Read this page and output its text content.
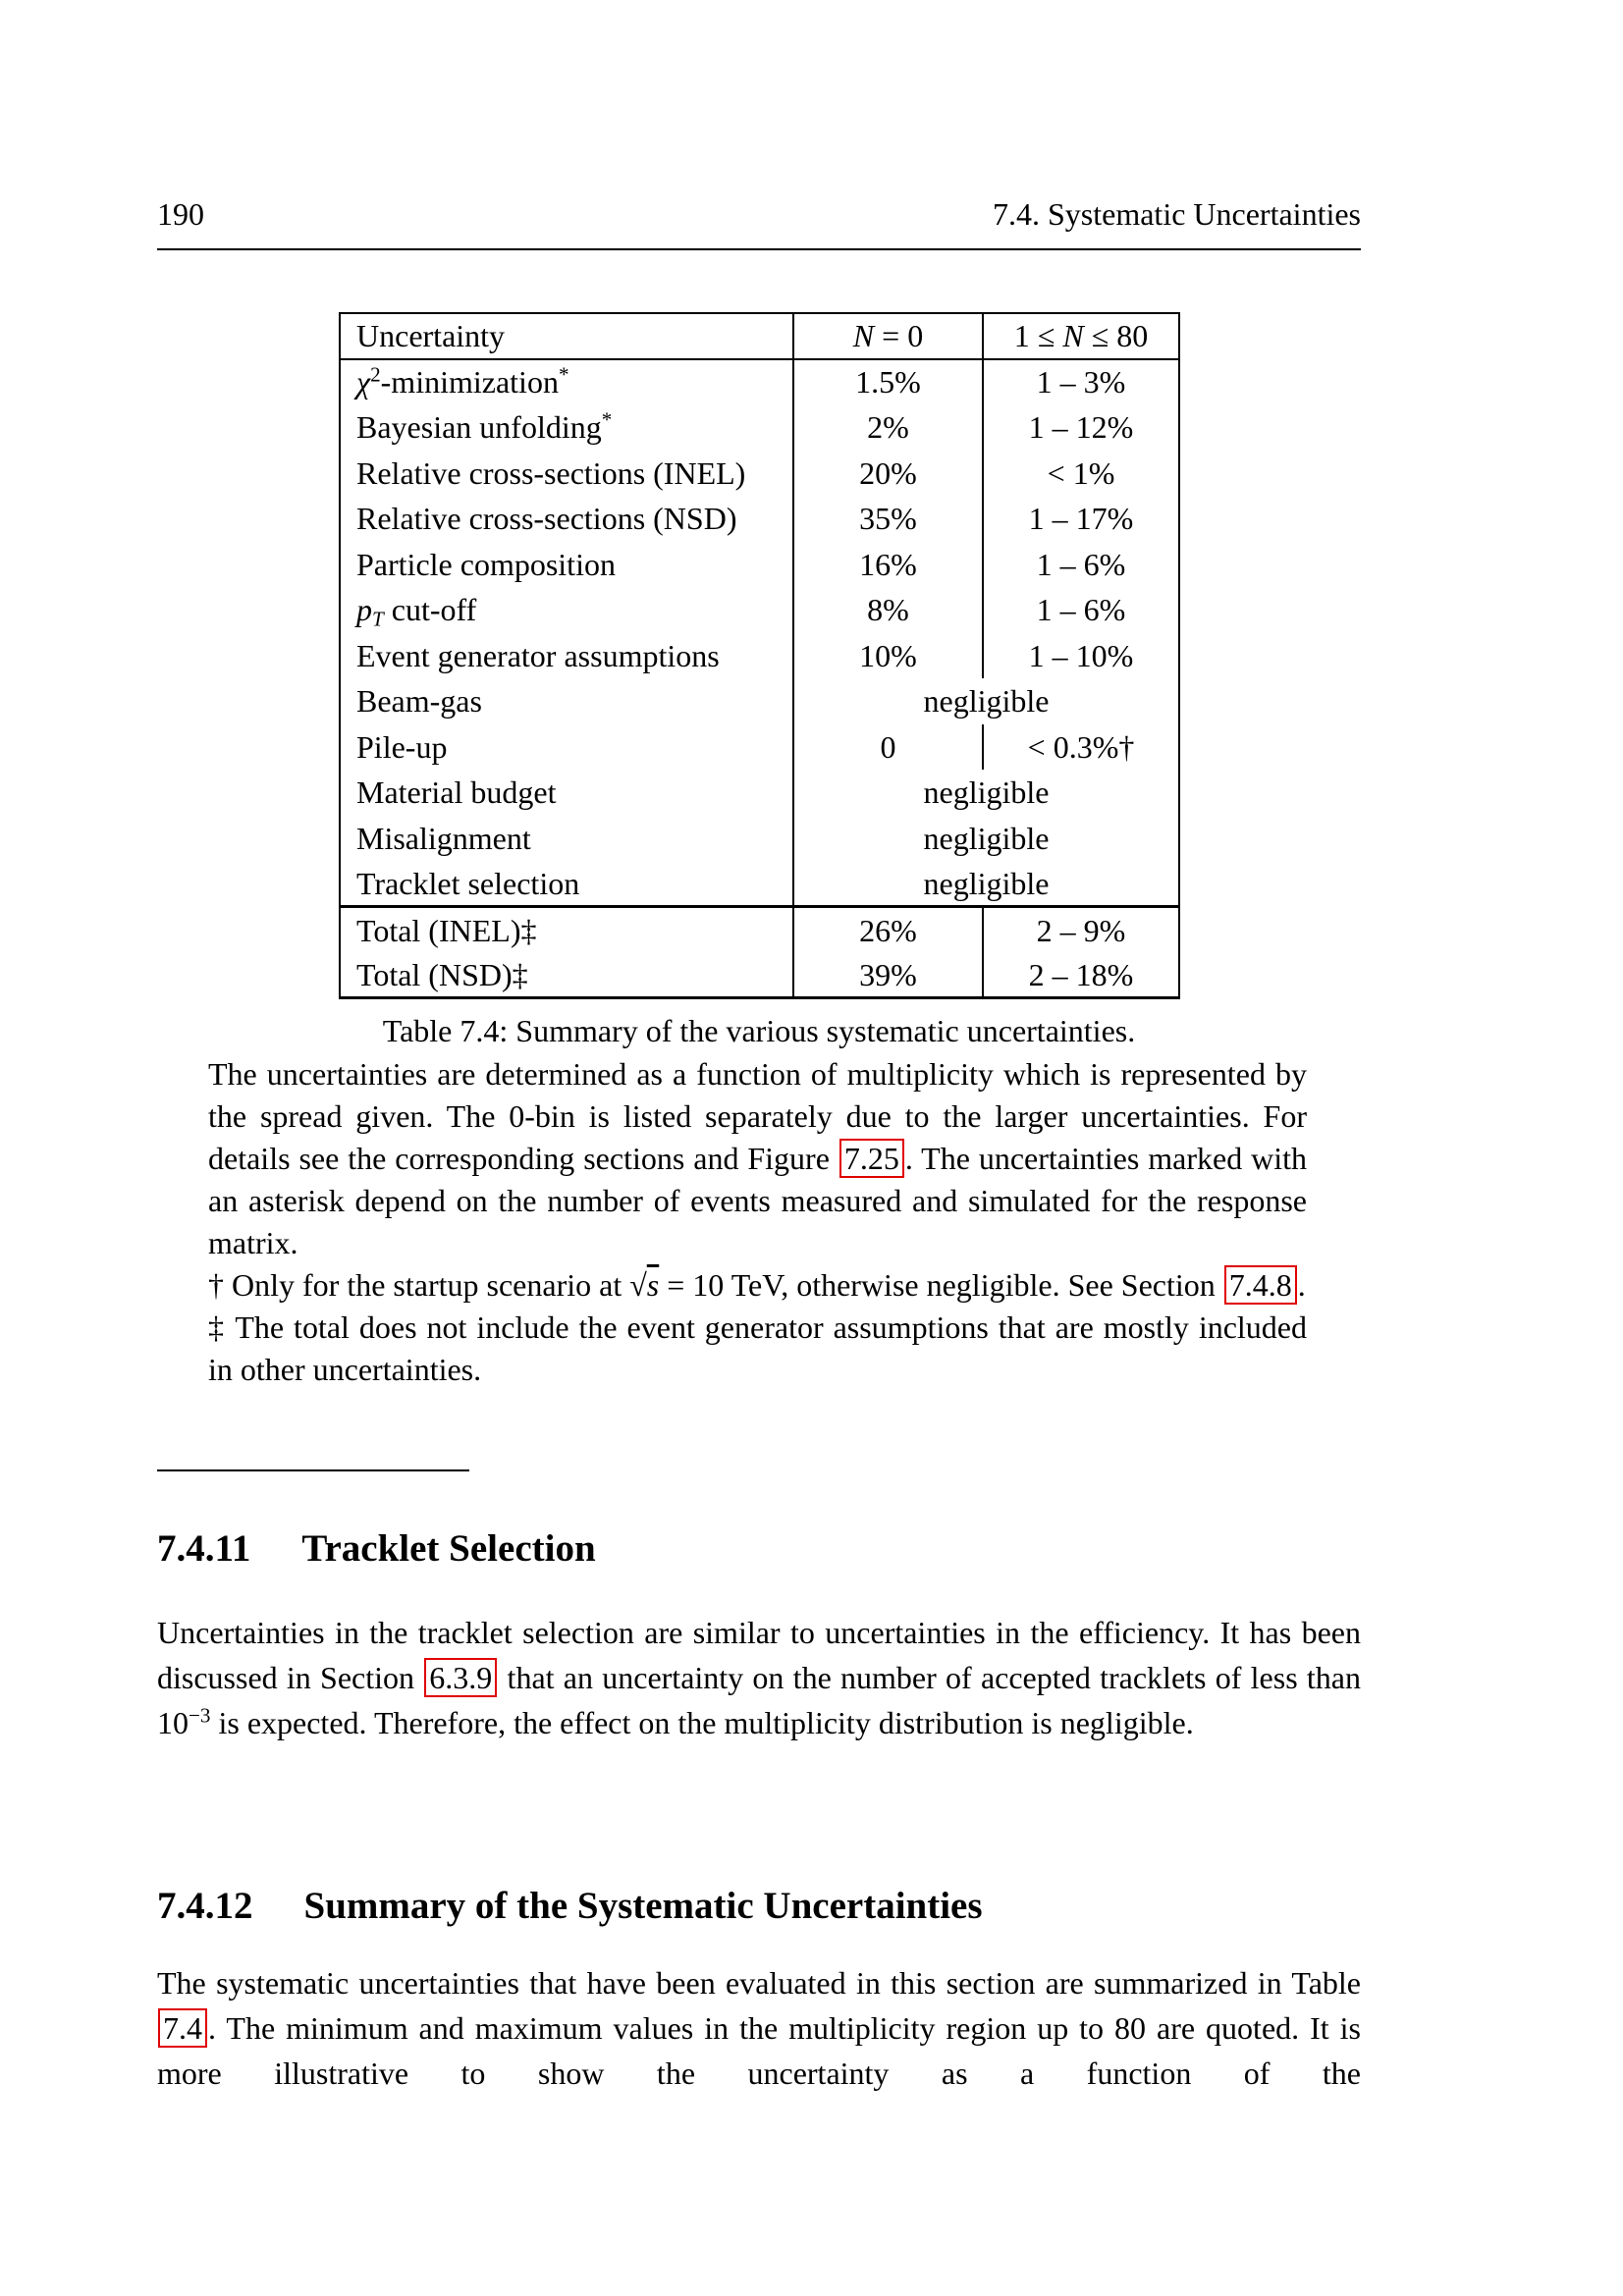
190	7.4. Systematic Uncertainties
Uncertainty	N = 0	1 ≤ N ≤ 80
$\chi^2-minimization^*$	1.5%	1 – 3%
Bayesian unfolding*	2%	1 – 12%
Relative cross-sections (INEL)	20%	< 1%
Relative cross-sections (NSD)	35%	1 – 17%
Particle composition	16%	1 – 6%
$p_T$ cut-off	8%	1 – 6%
Event generator assumptions	10%	1 – 10%
Beam-gas	negligible	
Pile-up	0	< 0.3%†
Material budget	negligible	
Misalignment	negligible	
Tracklet selection	negligible	
Total (INEL)‡	26%	2 – 9%
Total (NSD)‡	39%	2 – 18%
Table 7.4: Summary of the various systematic uncertainties.

The uncertainties are determined as a function of multiplicity which is represented by the spread given. The 0-bin is listed separately due to the larger uncertainties. For details see the corresponding sections and Figure 7.25 . The uncertainties marked with an asterisk depend on the number of events measured and simulated for the response matrix.

† Only for the startup scenario at √s = 10 TeV, otherwise negligible. See Section 7.4.8 .

‡ The total does not include the event generator assumptions that are mostly included in other uncertainties.

7.4.11 Tracklet Selection

Uncertainties in the tracklet selection are similar to uncertainties in the efficiency. It has been discussed in Section 6.3.9 that an uncertainty on the number of accepted tracklets of less than $10^{-3}$ is expected. Therefore, the effect on the multiplicity distribution is negligible.

7.4.12 Summary of the Systematic Uncertainties

The systematic uncertainties that have been evaluated in this section are summarized in Table 7.4 . The minimum and maximum values in the multiplicity region up to 80 are quoted. It is more illustrative to show the uncertainty as a function of the
